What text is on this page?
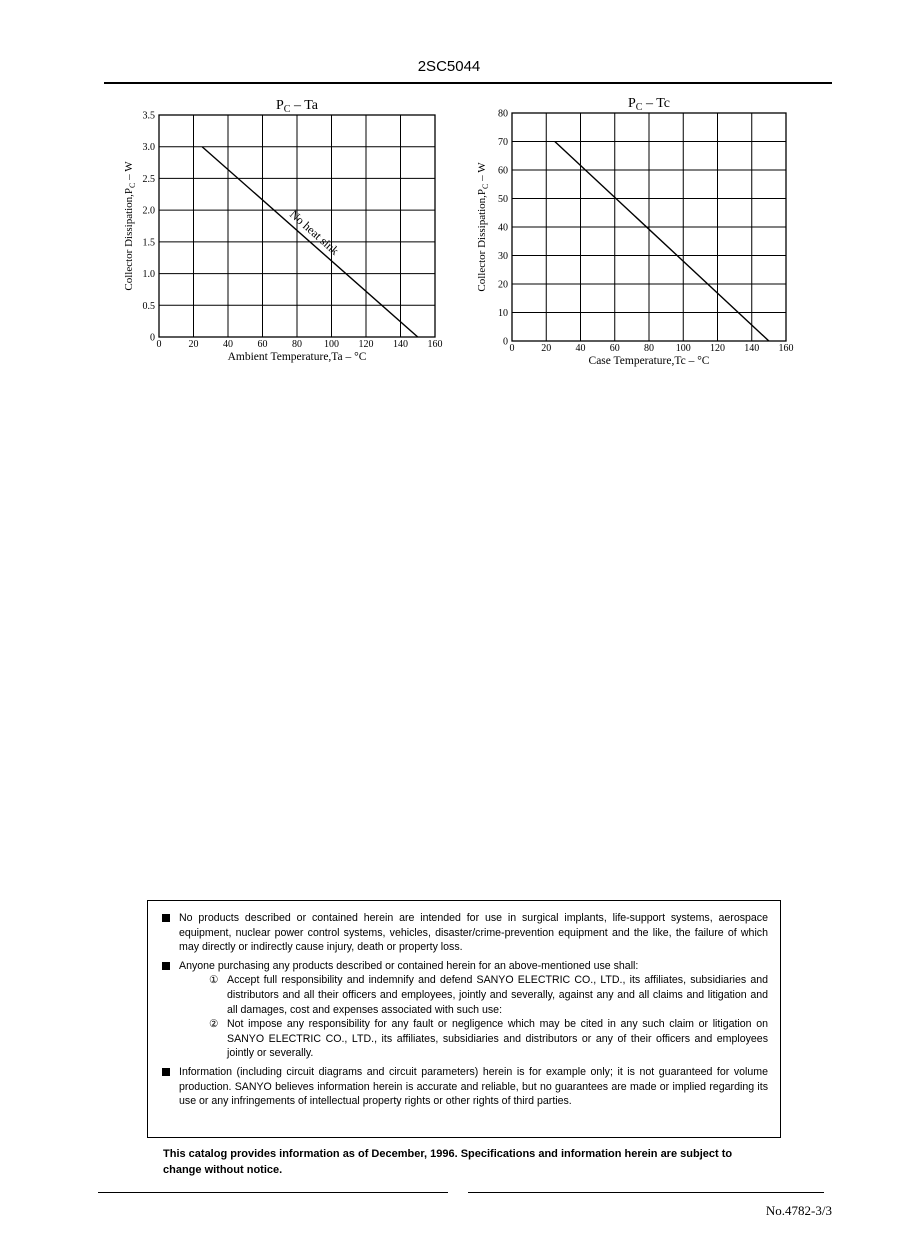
2SC5044
0	20 40 60 80 100 120 140 160
0
0.5
1.0
1.5
2.0
2.5
3.0
3.5
$P_C$ – Ta
Ambient Temperature,Ta – °C
Collector $Dissipation,P_C$ – W
No heat sink
0	20 40 60 80 100 120 140 160
0
10
20
30
40
50
60
70
80
$P_C$ – Tc
Case Temperature,Tc – °C
Collector $Dissipation,P_C$ – W
No products described or contained herein are intended for use in surgical implants, life-support systems, aerospace equipment, nuclear power control systems, vehicles, disaster/crime-prevention equipment and the like, the failure of which may directly or indirectly cause injury, death or property loss.
Anyone purchasing any products described or contained herein for an above-mentioned use shall:
① Accept full responsibility and indemnify and defend SANYO ELECTRIC CO., LTD., its affiliates, subsidiaries and distributors and all their officers and employees, jointly and severally, against any and all claims and litigation and all damages, cost and expenses associated with such use:
② Not impose any responsibility for any fault or negligence which may be cited in any such claim or litigation on SANYO ELECTRIC CO., LTD., its affiliates, subsidiaries and distributors or any of their officers and employees jointly or severally.
Information (including circuit diagrams and circuit parameters) herein is for example only; it is not guaranteed for volume production. SANYO believes information herein is accurate and reliable, but no guarantees are made or implied regarding its use or any infringements of intellectual property rights or other rights of third parties.
This catalog provides information as of December, 1996. Specifications and information herein are subject to change without notice.
No.4782-3/3
